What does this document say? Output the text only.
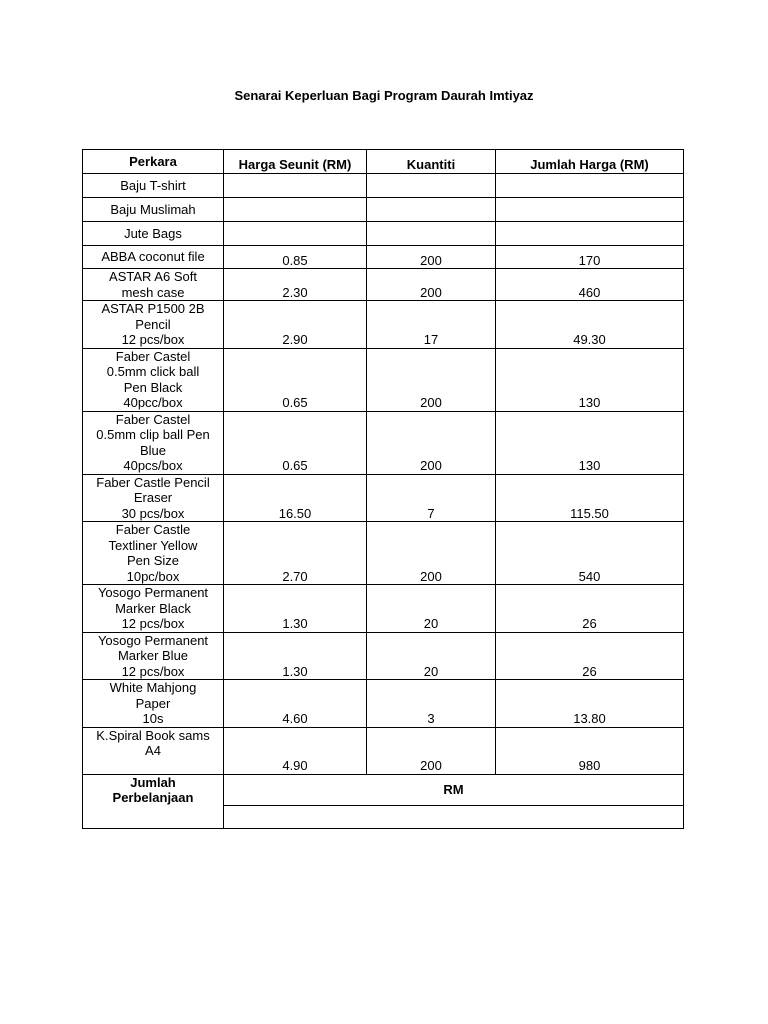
Senarai Keperluan Bagi Program Daurah Imtiyaz
Perkara	Harga Seunit (RM)	Kuantiti	Jumlah Harga (RM)
Baju T-shirt			
Baju Muslimah			
Jute Bags			
ABBA coconut file	0.85	200	170
ASTAR A6 Soft
mesh case	2.30	200	460
ASTAR P1500 2B
Pencil
12 pcs/box	2.90	17	49.30
Faber Castel
0.5mm click ball
Pen Black
40pcc/box	0.65	200	130
Faber Castel
0.5mm clip ball Pen
Blue
40pcs/box	0.65	200	130
Faber Castle Pencil
Eraser
30 pcs/box	16.50	7	115.50
Faber Castle
Textliner Yellow
Pen Size
10pc/box	2.70	200	540
Yosogo Permanent
Marker Black
12 pcs/box	1.30	20	26
Yosogo Permanent
Marker Blue
12 pcs/box	1.30	20	26
White Mahjong
Paper
10s	4.60	3	13.80
K.Spiral Book sams
A4	4.90	200	980
Jumlah
Perbelanjaan	RM		
